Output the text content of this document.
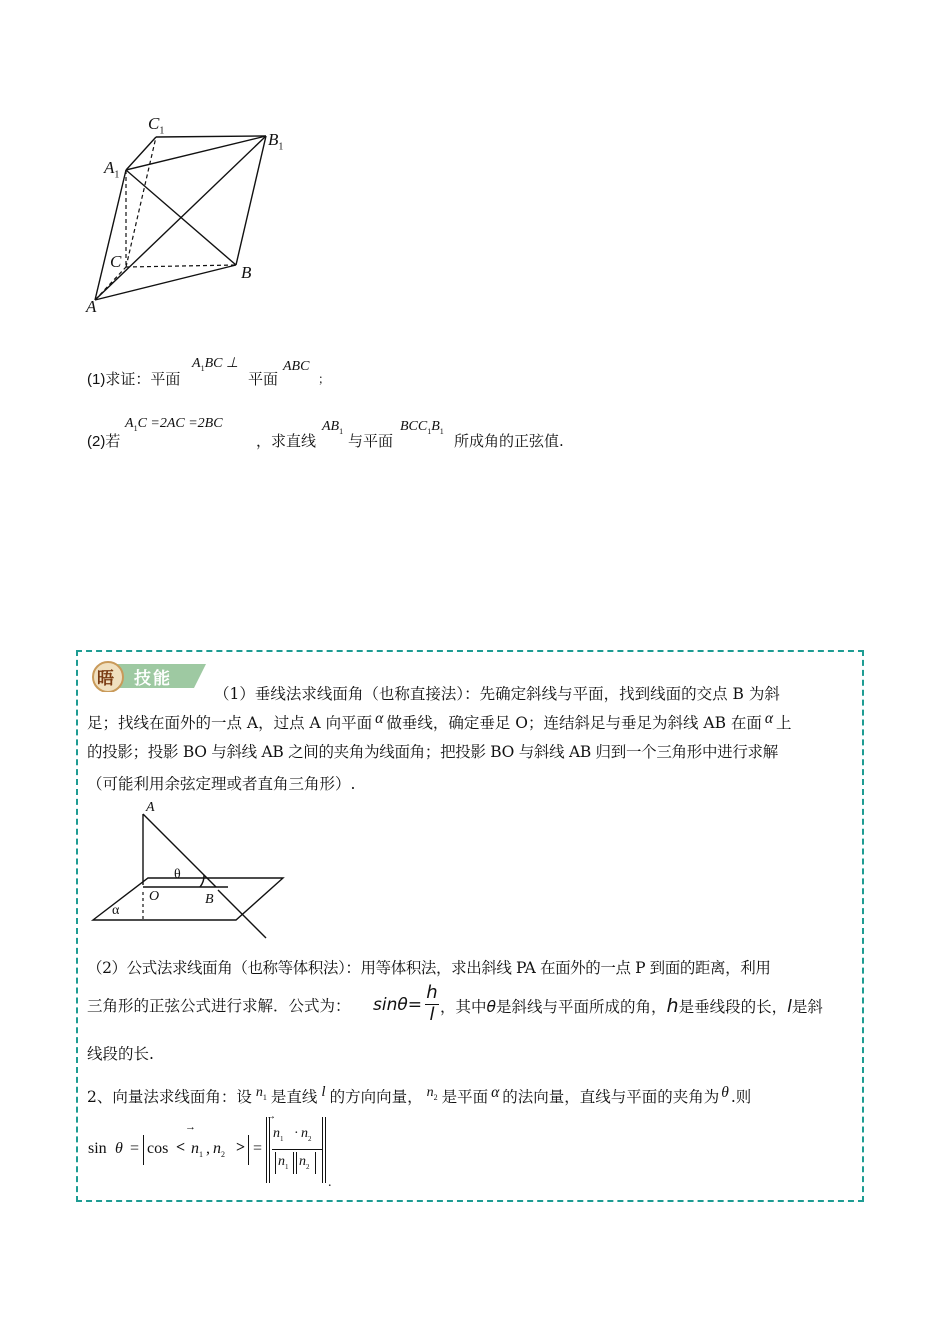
$C_1$	$B_1$
$A_1$
C
B
A
(1)求证：平面
$A_1BC$ ⊥
平面
ABC
；
(2)若
$A_1C =2AC =2BC$
，求直线
$AB_1$
与平面
$BCC_1B_1$
所成角的正弦值.
晤 技能
（1）垂线法求线面角（也称直接法）：先确定斜线与平面，找到线面的交点 B 为斜
足；找线在面外的一点 A，过点 A 向平面 α 做垂线，确定垂足 O；连结斜足与垂足为斜线 AB 在面 α 上
的投影；投影 BO 与斜线 AB 之间的夹角为线面角；把投影 BO 与斜线 AB 归到一个三角形中进行求解
（可能利用余弦定理或者直角三角形）.
A
θ
O	B
α
（2）公式法求线面角（也称等体积法）：用等体积法，求出斜线 PA 在面外的一点 P 到面的距离，利用
三角形的正弦公式进行求解．公式为：	sinθ=
h
l ，其中θ是斜线与平面所成的角，h是垂线段的长，l是斜
线段的长.
2、向量法求线面角：设 $n_1$ 是直线 l 的方向向量， $n_2$ 是平面 α 的法向量，直线与平面的夹角为 θ .则
sin θ = cos <
→
$n_1$ , $n_2$ > =
→
$n_1 \cdot n_2$
$n_1$ $n_2$
.
